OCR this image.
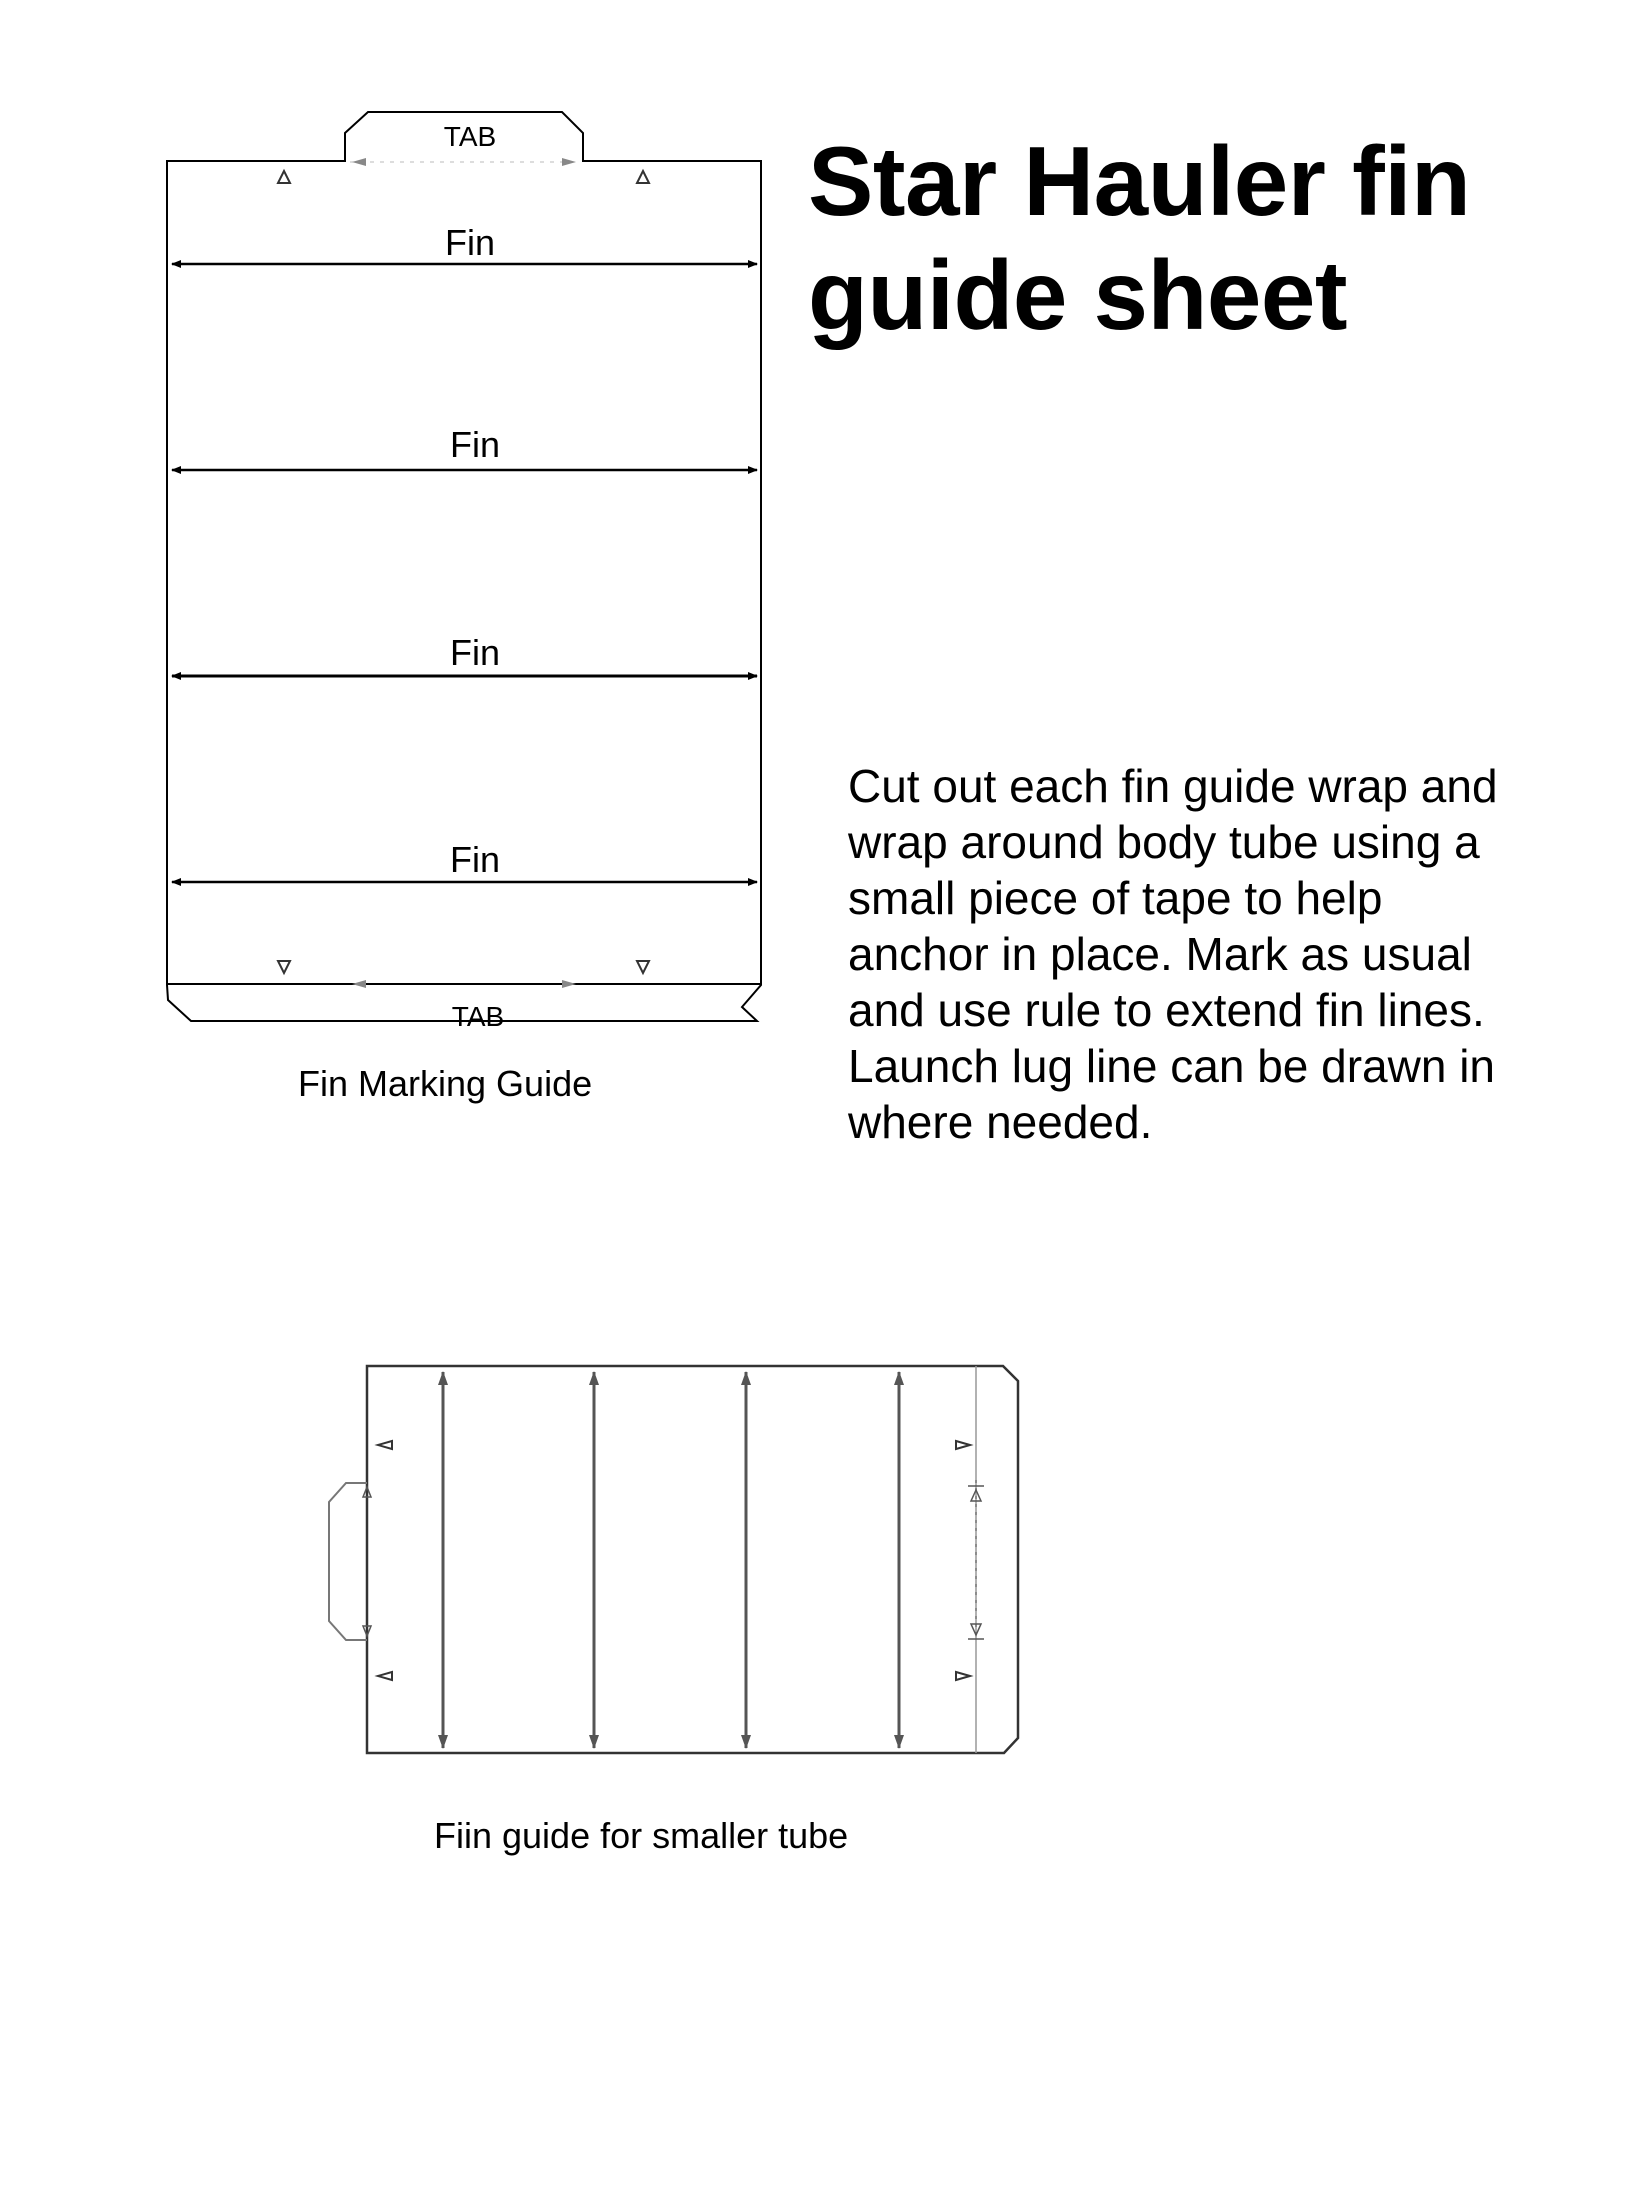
TAB
Fin
Fin
Fin
Fin
TAB
Star Hauler fin guide sheet

Cut out each fin guide wrap and wrap around body tube using a small piece of tape to help anchor in place. Mark as usual and use rule to extend fin lines. Launch lug line can be drawn in where needed.

Fin Marking Guide
Fiin guide for smaller tube
